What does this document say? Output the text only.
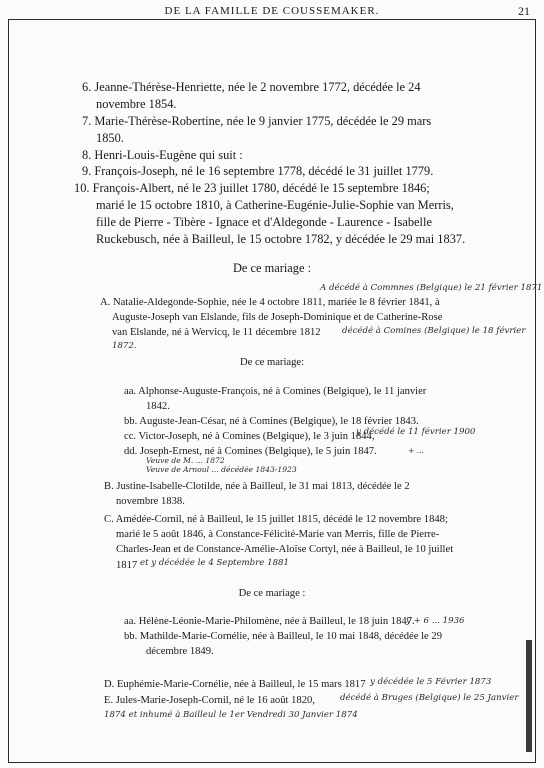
DE LA FAMILLE DE COUSSEMAKER.	21
6. Jeanne-Thérèse-Henriette, née le 2 novembre 1772, décédée le 24
novembre 1854.
7. Marie-Thérèse-Robertine, née le 9 janvier 1775, décédée le 29 mars
1850.
8. Henri-Louis-Eugène qui suit :
9. François-Joseph, né le 16 septembre 1778, décédé le 31 juillet 1779.
10. François-Albert, né le 23 juillet 1780, décédé le 15 septembre 1846;
marié le 15 octobre 1810, à Catherine-Eugénie-Julie-Sophie van Merris,
fille de Pierre - Tibère - Ignace et d'Aldegonde - Laurence - Isabelle
Ruckebusch, née à Bailleul, le 15 octobre 1782, y décédée le 29 mai 1837.
De ce mariage :
A décédé à Commnes (Belgique) le 21 février 1871
A. Natalie-Aldegonde-Sophie, née le 4 octobre 1811, mariée le 8 février 1841, à
Auguste-Joseph van Elslande, fils de Joseph-Dominique et de Catherine-Rose
van Elslande, né à Wervicq, le 11 décembre 1812 décédé à Comines (Belgique) le 18 février
1872.
De ce mariage:
aa. Alphonse-Auguste-François, né à Comines (Belgique), le 11 janvier
1842.
bb. Auguste-Jean-César, né à Comines (Belgique), le 18 février 1843.
cc. Victor-Joseph, né à Comines (Belgique), le 3 juin 1844,
y décédé le 11 février 1900
dd. Joseph-Ernest, né à Comines (Belgique), le 5 juin 1847.	+ ...
Veuve de M. ... 1872
Veuve de Arnoul ... décédée 1843-1923
B. Justine-Isabelle-Clotilde, née à Bailleul, le 31 mai 1813, décédée le 2
novembre 1838.
C. Amédée-Cornil, né à Bailleul, le 15 juillet 1815, décédé le 12 novembre 1848;
marié le 5 août 1846, à Constance-Félicité-Marie van Merris, fille de Pierre-
Charles-Jean et de Constance-Amélie-Aloïse Cortyl, née à Bailleul, le 10 juillet
1817 et y décédée le 4 Septembre 1881
De ce mariage :
aa. Hélène-Léonie-Marie-Philomène, née à Bailleul, le 18 juin 1847.
y + 6 ... 1936
bb. Mathilde-Marie-Cornélie, née à Bailleul, le 10 mai 1848, décédée le 29
décembre 1849.
D. Euphémie-Marie-Cornélie, née à Bailleul, le 15 mars 1817 y décédée le 5 Février 1873
E. Jules-Marie-Joseph-Cornil, né le 16 août 1820,	décédé à Bruges (Belgique) le 25 Janvier
1874 et inhumé à Bailleul le 1er Vendredi 30 Janvier 1874
